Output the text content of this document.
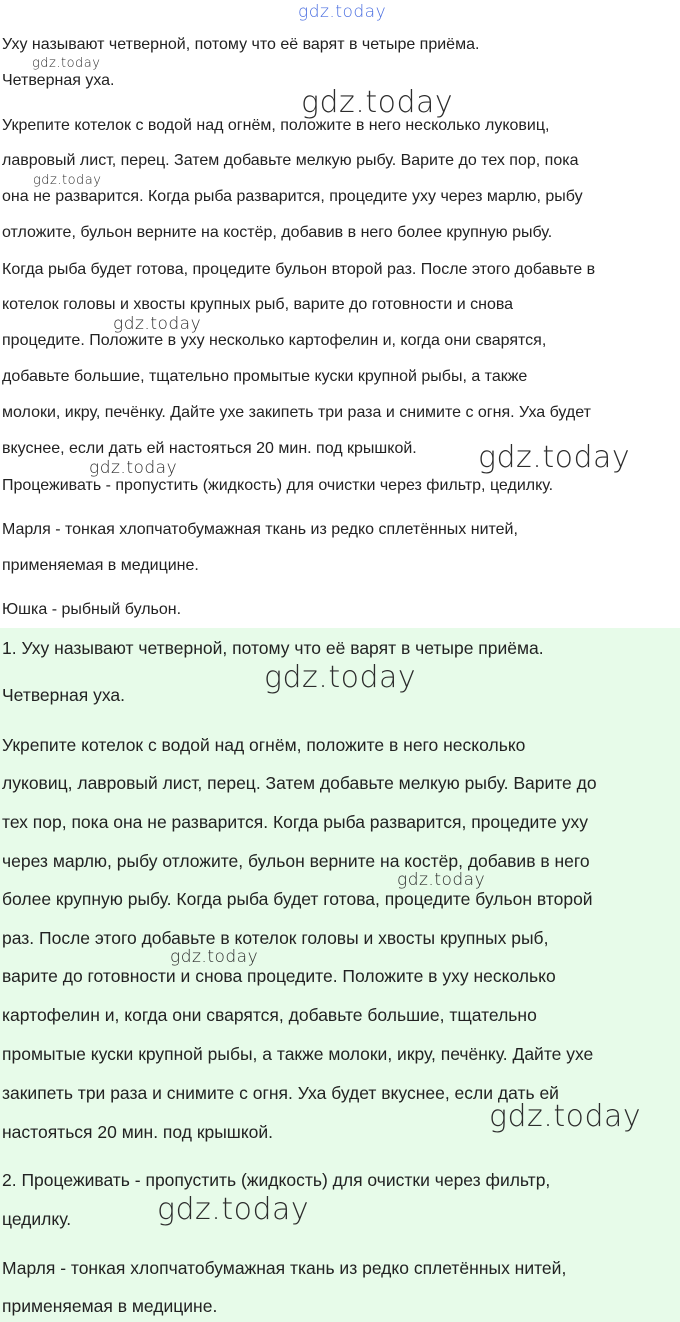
Уху называют четверной, потому что её варят в четыре приёма.
Четверная уха.
Укрепите котелок с водой над огнём, положите в него несколько луковиц,
лавровый лист, перец. Затем добавьте мелкую рыбу. Варите до тех пор, пока
она не разварится. Когда рыба разварится, процедите уху через марлю, рыбу
отложите, бульон верните на костёр, добавив в него более крупную рыбу.
Когда рыба будет готова, процедите бульон второй раз. После этого добавьте в
котелок головы и хвосты крупных рыб, варите до готовности и снова
процедите. Положите в уху несколько картофелин и, когда они сварятся,
добавьте большие, тщательно промытые куски крупной рыбы, а также
молоки, икру, печёнку. Дайте ухе закипеть три раза и снимите с огня. Уха будет
вкуснее, если дать ей настояться 20 мин. под крышкой.
Процеживать - пропустить (жидкость) для очистки через фильтр, цедилку.
Марля - тонкая хлопчатобумажная ткань из редко сплетённых нитей,
применяемая в медицине.
Юшка - рыбный бульон.
1. Уху называют четверной, потому что её варят в четыре приёма.
Четверная уха.
Укрепите котелок с водой над огнём, положите в него несколько
луковиц, лавровый лист, перец. Затем добавьте мелкую рыбу. Варите до
тех пор, пока она не разварится. Когда рыба разварится, процедите уху
через марлю, рыбу отложите, бульон верните на костёр, добавив в него
более крупную рыбу. Когда рыба будет готова, процедите бульон второй
раз. После этого добавьте в котелок головы и хвосты крупных рыб,
варите до готовности и снова процедите. Положите в уху несколько
картофелин и, когда они сварятся, добавьте большие, тщательно
промытые куски крупной рыбы, а также молоки, икру, печёнку. Дайте ухе
закипеть три раза и снимите с огня. Уха будет вкуснее, если дать ей
настояться 20 мин. под крышкой.
2. Процеживать - пропустить (жидкость) для очистки через фильтр,
цедилку.
Марля - тонкая хлопчатобумажная ткань из редко сплетённых нитей,
применяемая в медицине.
gdz.today
gdz.today
gdz.today
gdz.today
gdz.today
gdz.today
gdz.today
gdz.today
gdz.today
gdz.today
gdz.today
gdz.today
